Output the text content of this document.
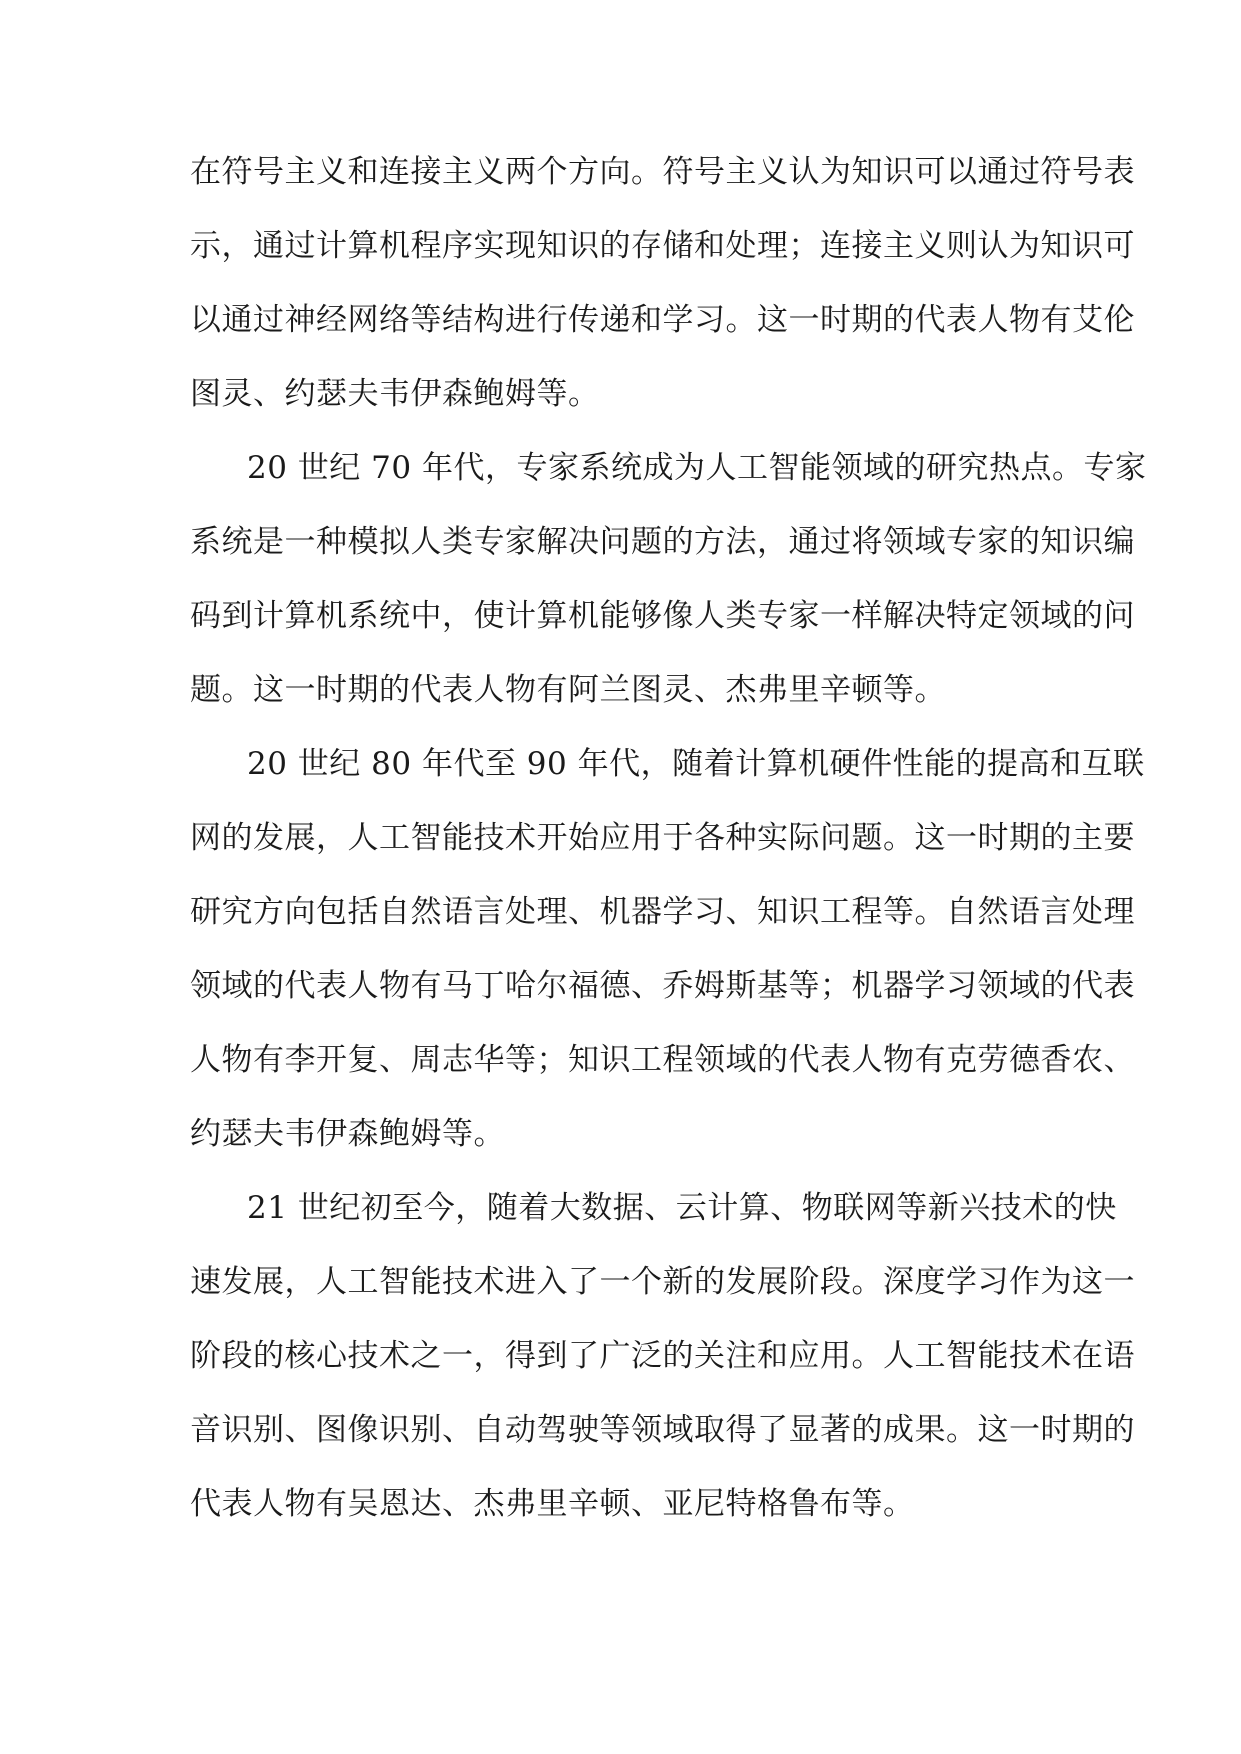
在符号主义和连接主义两个方向。符号主义认为知识可以通过符号表
示，通过计算机程序实现知识的存储和处理；连接主义则认为知识可
以通过神经网络等结构进行传递和学习。这一时期的代表人物有艾伦
图灵、约瑟夫韦伊森鲍姆等。
20 世纪 70 年代，专家系统成为人工智能领域的研究热点。专家
系统是一种模拟人类专家解决问题的方法，通过将领域专家的知识编
码到计算机系统中，使计算机能够像人类专家一样解决特定领域的问
题。这一时期的代表人物有阿兰图灵、杰弗里辛顿等。
20 世纪 80 年代至 90 年代，随着计算机硬件性能的提高和互联
网的发展，人工智能技术开始应用于各种实际问题。这一时期的主要
研究方向包括自然语言处理、机器学习、知识工程等。自然语言处理
领域的代表人物有马丁哈尔福德、乔姆斯基等；机器学习领域的代表
人物有李开复、周志华等；知识工程领域的代表人物有克劳德香农、
约瑟夫韦伊森鲍姆等。
21 世纪初至今，随着大数据、云计算、物联网等新兴技术的快
速发展，人工智能技术进入了一个新的发展阶段。深度学习作为这一
阶段的核心技术之一，得到了广泛的关注和应用。人工智能技术在语
音识别、图像识别、自动驾驶等领域取得了显著的成果。这一时期的
代表人物有吴恩达、杰弗里辛顿、亚尼特格鲁布等。
